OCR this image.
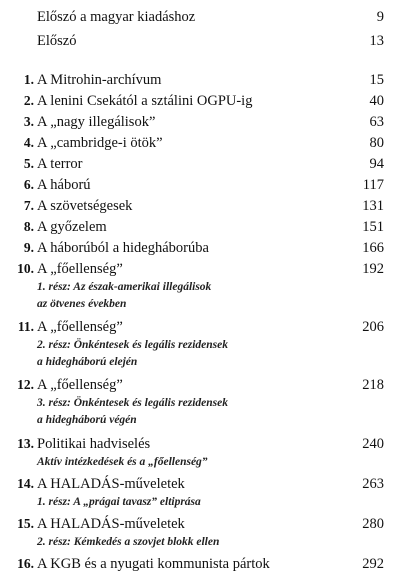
Előszó a magyar kiadáshoz	9
Előszó	13
1. A Mitrohin-archívum	15
2. A lenini Csekától a sztálini OGPU-ig	40
3. A „nagy illegálisok”	63
4. A „cambridge-i ötök”	80
5. A terror	94
6. A háború	117
7. A szövetségesek	131
8. A győzelem	151
9. A háborúból a hidegháborúba	166
10. A „főellenség”	192
1. rész: Az észak-amerikai illegálisok
az ötvenes években
11. A „főellenség”	206
2. rész: Önkéntesek és legális rezidensek
a hidegháború elején
12. A „főellenség”	218
3. rész: Önkéntesek és legális rezidensek
a hidegháború végén
13. Politikai hadviselés	240
Aktív intézkedések és a „főellenség”
14. A HALADÁS-műveletek	263
1. rész: A „prágai tavasz” eltiprása
15. A HALADÁS-műveletek	280
2. rész: Kémkedés a szovjet blokk ellen
16. A KGB és a nyugati kommunista pártok	292
